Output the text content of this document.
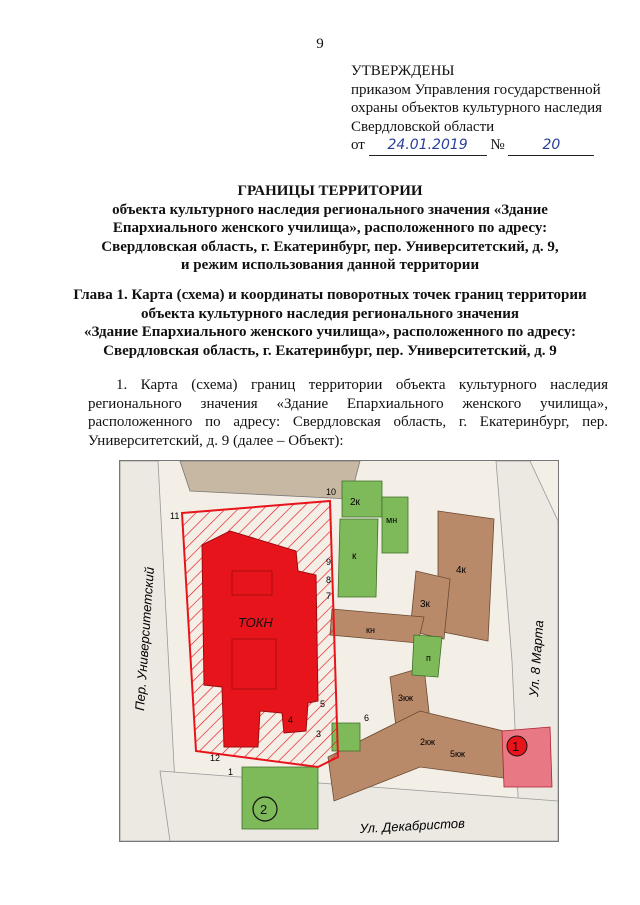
9
УТВЕРЖДЕНЫ
приказом Управления государственной
охраны объектов культурного наследия
Свердловской области
от 24.01.2019 №	20
ГРАНИЦЫ ТЕРРИТОРИИ
объекта культурного наследия регионального значения «Здание
Епархиального женского училища», расположенного по адресу:
Свердловская область, г. Екатеринбург, пер. Университетский, д. 9,
и режим использования данной территории
Глава 1. Карта (схема) и координаты поворотных точек границ территории
объекта культурного наследия регионального значения
«Здание Епархиального женского училища», расположенного по адресу:
Свердловская область, г. Екатеринбург, пер. Университетский, д. 9
1. Карта (схема) границ территории объекта культурного наследия регионального значения «Здание Епархиального женского училища», расположенного по адресу: Свердловская область, г. Екатеринбург, пер. Университетский, д. 9 (далее – Объект):
Пер. Университетский	Ул. 8 Марта
Ул. Декабристов
ТОКН
1
2
2к
к
мн
кн
4к
3к
3кж
5кж
2кж
п
12
11
10
9
8
7
6
5
4
3
1
